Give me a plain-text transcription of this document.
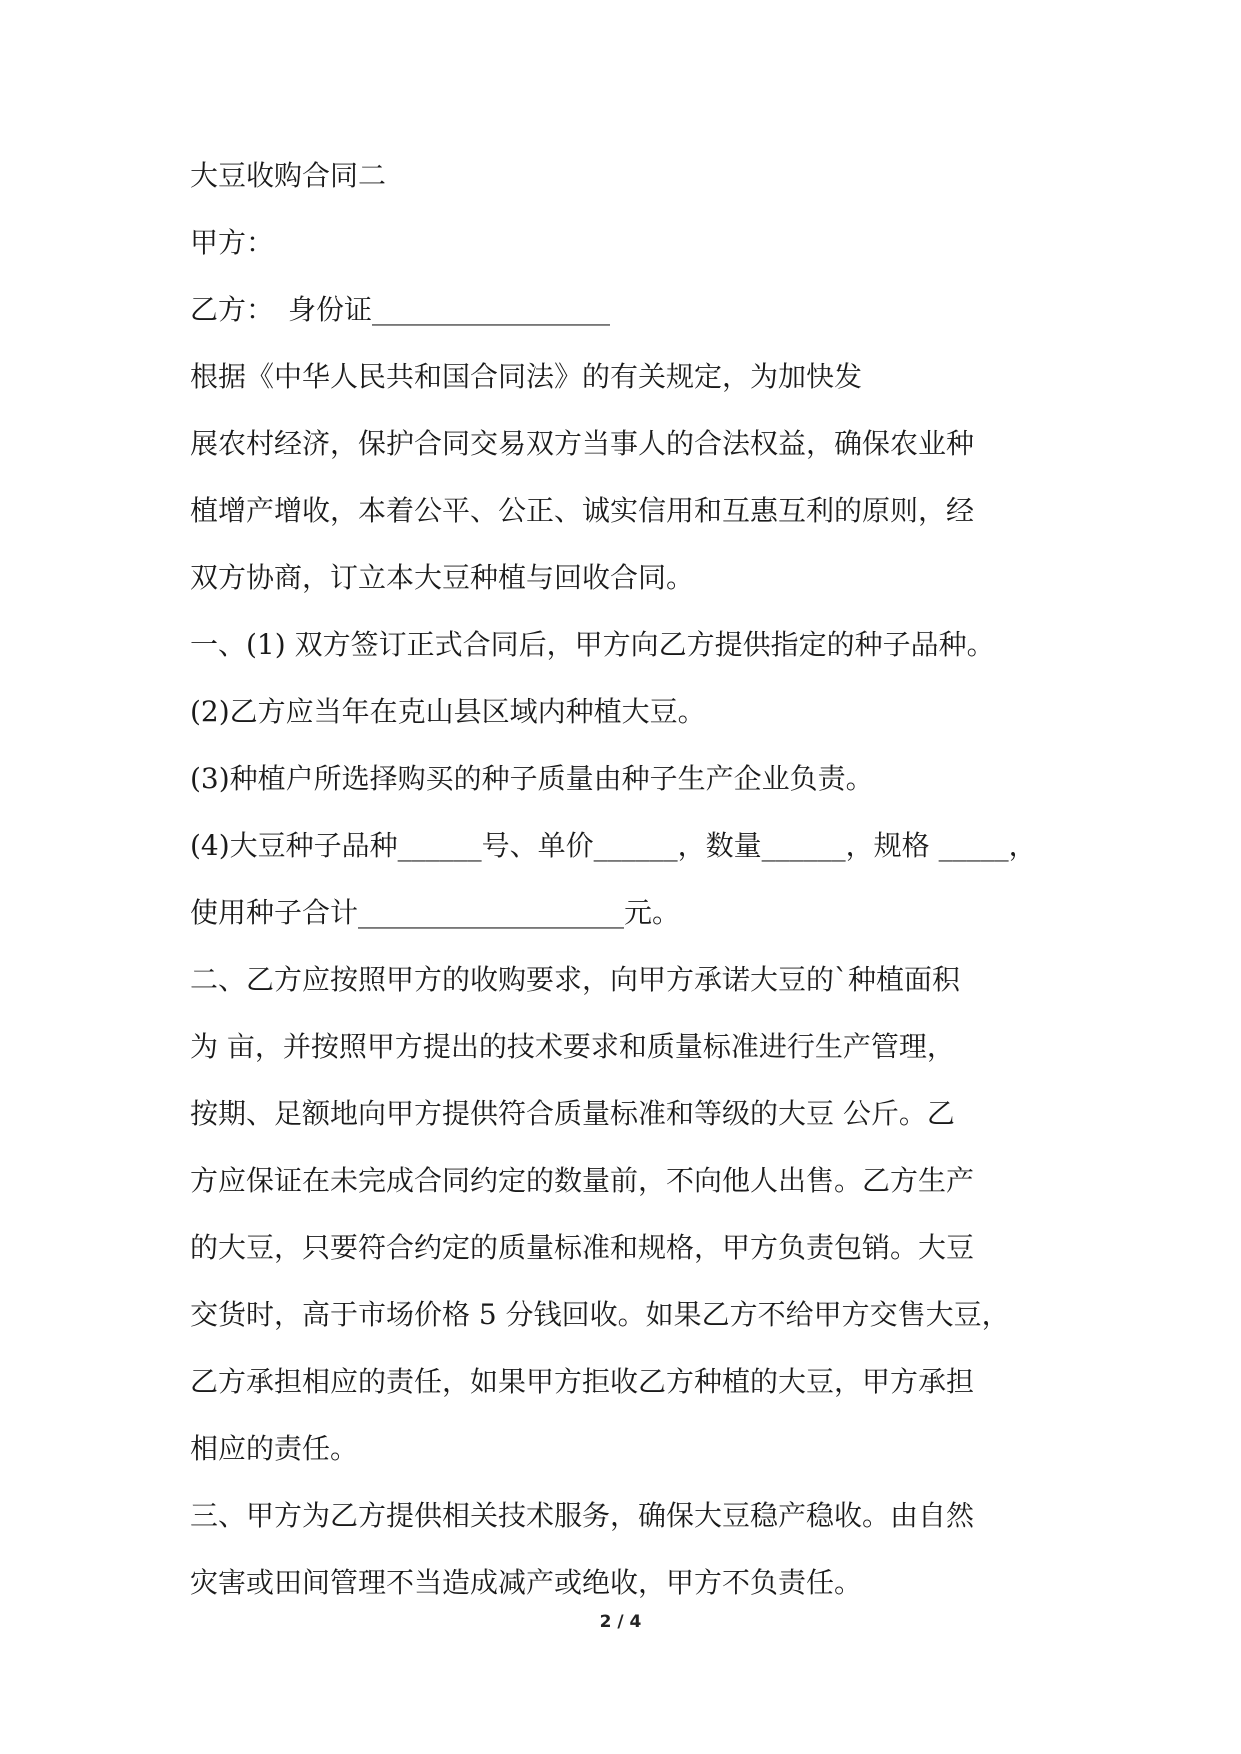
大豆收购合同二

甲方：

乙方：　身份证_________________

根据《中华人民共和国合同法》的有关规定，为加快发

展农村经济，保护合同交易双方当事人的合法权益，确保农业种

植增产增收，本着公平、公正、诚实信用和互惠互利的原则，经

双方协商，订立本大豆种植与回收合同。

一、(1) 双方签订正式合同后，甲方向乙方提供指定的种子品种。

(2)乙方应当年在克山县区域内种植大豆。

(3)种植户所选择购买的种子质量由种子生产企业负责。

(4)大豆种子品种______号、单价______，数量______，规格 _____，

使用种子合计___________________元。

二、乙方应按照甲方的收购要求，向甲方承诺大豆的`种植面积

为 亩，并按照甲方提出的技术要求和质量标准进行生产管理，

按期、足额地向甲方提供符合质量标准和等级的大豆 公斤。乙

方应保证在未完成合同约定的数量前，不向他人出售。乙方生产

的大豆，只要符合约定的质量标准和规格，甲方负责包销。大豆

交货时，高于市场价格 5 分钱回收。如果乙方不给甲方交售大豆，

乙方承担相应的责任，如果甲方拒收乙方种植的大豆，甲方承担

相应的责任。

三、甲方为乙方提供相关技术服务，确保大豆稳产稳收。由自然

灾害或田间管理不当造成减产或绝收，甲方不负责任。

2 / 4
